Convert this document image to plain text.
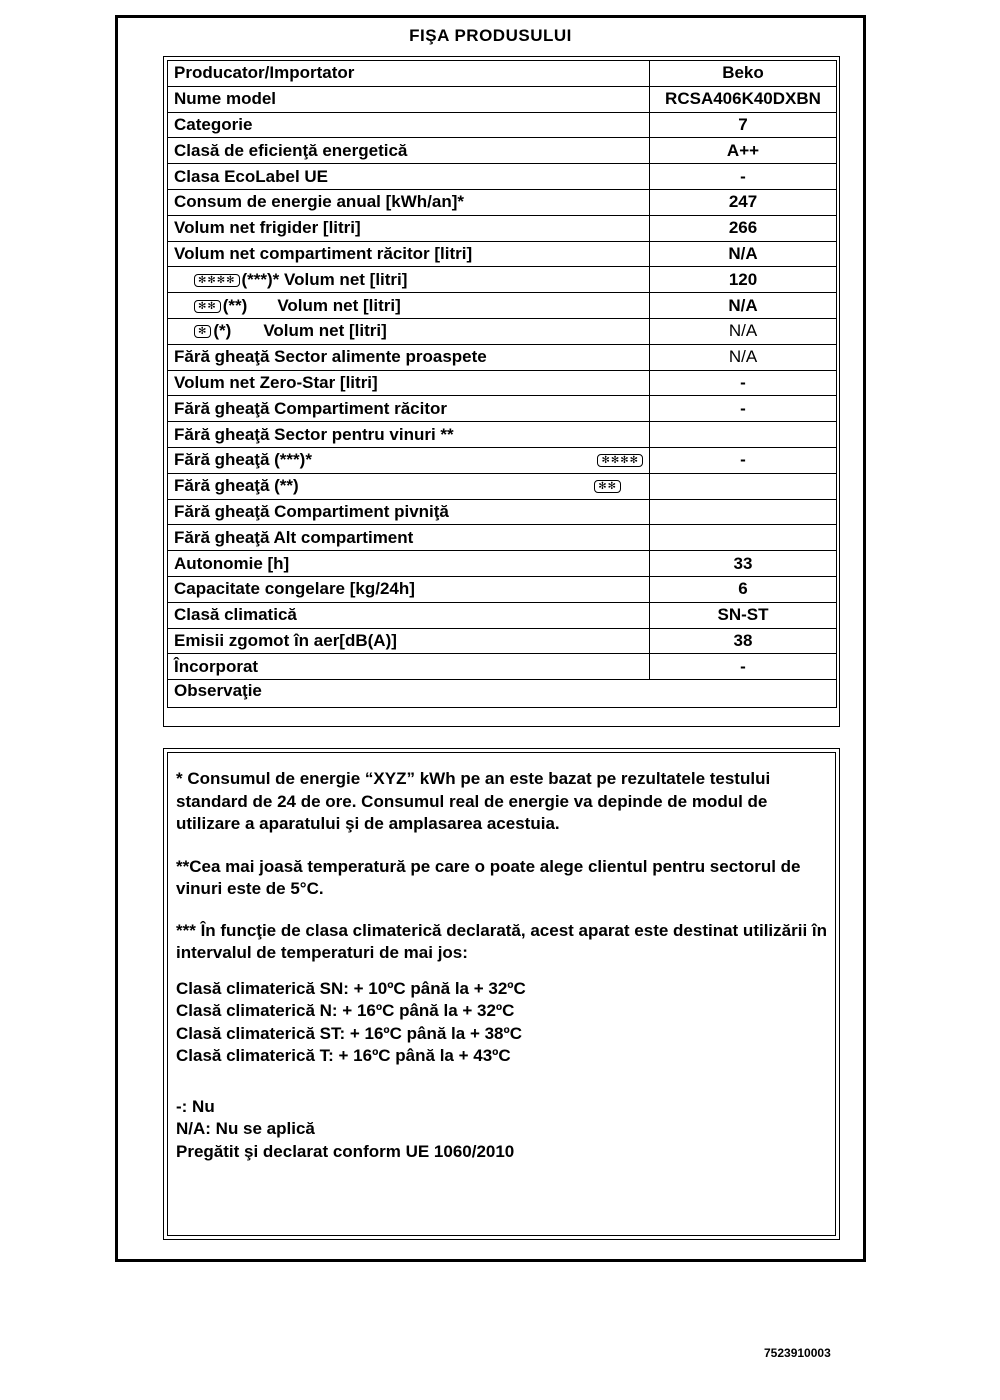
FIŞA PRODUSULUI
Producator/Importator	Beko
Nume model	RCSA406K40DXBN
Categorie	7
Clasă de eficienţă energetică	A++
Clasa EcoLabel UE	-
Consum de energie anual [kWh/an]*	247
Volum net frigider [litri]	266
Volum net compartiment răcitor [litri]	N/A
✻✻✻✻ (***)* Volum net [litri]	120
✻✻ (**) Volum net [litri]	N/A
✻ (*) Volum net [litri]	N/A
Fără gheaţă Sector alimente proaspete	N/A
Volum net Zero-Star [litri]	-
Fără gheaţă Compartiment răcitor	-
Fără gheaţă Sector pentru vinuri **	
Fără gheaţă (***)* ✻✻✻✻	-
Fără gheaţă (**) ✻✻	

Fără gheaţă Compartiment pivniţă	
Fără gheaţă Alt compartiment	
Autonomie [h]	33
Capacitate congelare [kg/24h]	6
Clasă climatică	SN-ST
Emisii zgomot în aer[dB(A)]	38
Încorporat	-
Observaţie	

* Consumul de energie “XYZ” kWh pe an este bazat pe rezultatele testului standard de 24 de ore. Consumul real de energie va depinde de modul de utilizare a aparatului şi de amplasarea acestuia.

**Cea mai joasă temperatură pe care o poate alege clientul pentru sectorul de vinuri este de 5°C.

*** În funcţie de clasa climaterică declarată, acest aparat este destinat utilizării în intervalul de temperaturi de mai jos:

Clasă climaterică SN: + 10ºC până la + 32ºC

Clasă climaterică N: + 16ºC până la + 32ºC

Clasă climaterică ST: + 16ºC până la + 38ºC

Clasă climaterică T: + 16ºC până la + 43ºC

-: Nu

N/A: Nu se aplică

Pregătit şi declarat conform UE 1060/2010

7523910003
